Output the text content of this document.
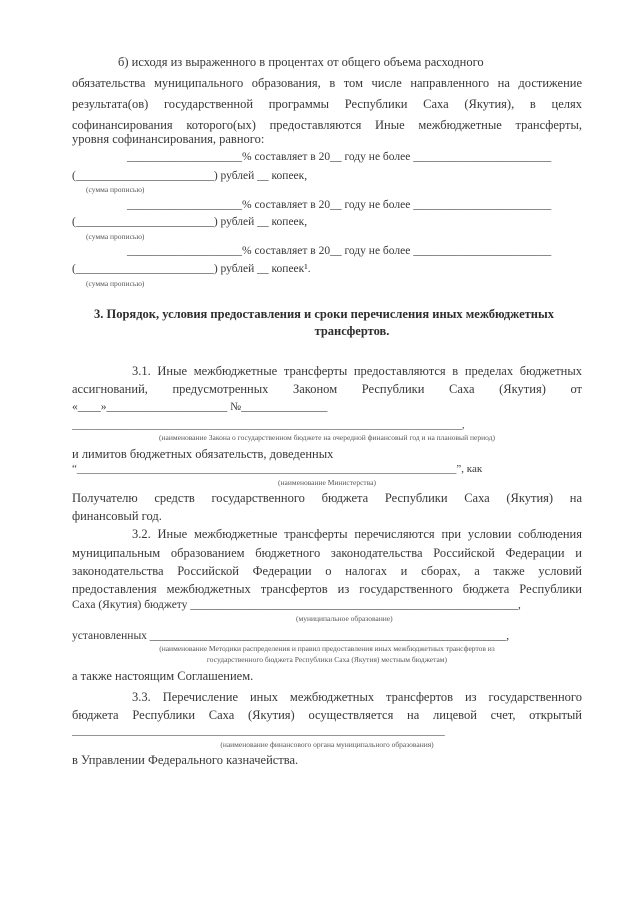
б) исходя из выраженного в процентах от общего объема расходного
обязательства муниципального образования, в том числе направленного на достижение
результата(ов) государственной программы Республики Саха (Якутия), в целях
софинансирования которого(ых) предоставляются Иные межбюджетные трансферты,
уровня софинансирования, равного:
____________________% составляет в 20__ году не более ________________________
(________________________) рублей __ копеек,
(сумма прописью)
____________________% составляет в 20__ году не более ________________________
(________________________) рублей __ копеек,
(сумма прописью)
____________________% составляет в 20__ году не более ________________________
(________________________) рублей __ копеек¹.
(сумма прописью)
3. Порядок, условия предоставления и сроки перечисления иных межбюджетных
трансфертов.
3.1. Иные межбюджетные трансферты предоставляются в пределах бюджетных
ассигнований, предусмотренных Законом Республики Саха (Якутия) от
«____»_____________________ №_______________
______________________________________________________________________________,
(наименование Закона о государственном бюджете на очередной финансовый год и на плановый период)
и лимитов бюджетных обязательств, доведенных
“_____________________________________________________________________”, как
(наименование Министерства)
Получателю средств государственного бюджета Республики Саха (Якутия) на
финансовый год.
3.2. Иные межбюджетные трансферты перечисляются при условии соблюдения
муниципальным образованием бюджетного законодательства Российской Федерации и
законодательства Российской Федерации о налогах и сборах, а также условий
предоставления межбюджетных трансфертов из государственного бюджета Республики
Саха (Якутия) бюджету _________________________________________________________,
(муниципальное образование)
установленных ______________________________________________________________,
(наименование Методики распределения и правил предоставления иных межбюджетных трансфертов из
государственного бюджета Республики Саха (Якутия) местным бюджетам)
а также настоящим Соглашением.
3.3. Перечисление иных межбюджетных трансфертов из государственного
бюджета Республики Саха (Якутия) осуществляется на лицевой счет, открытый
_______________________________________________________________________
(наименование финансового органа муниципального образования)
в Управлении Федерального казначейства.
